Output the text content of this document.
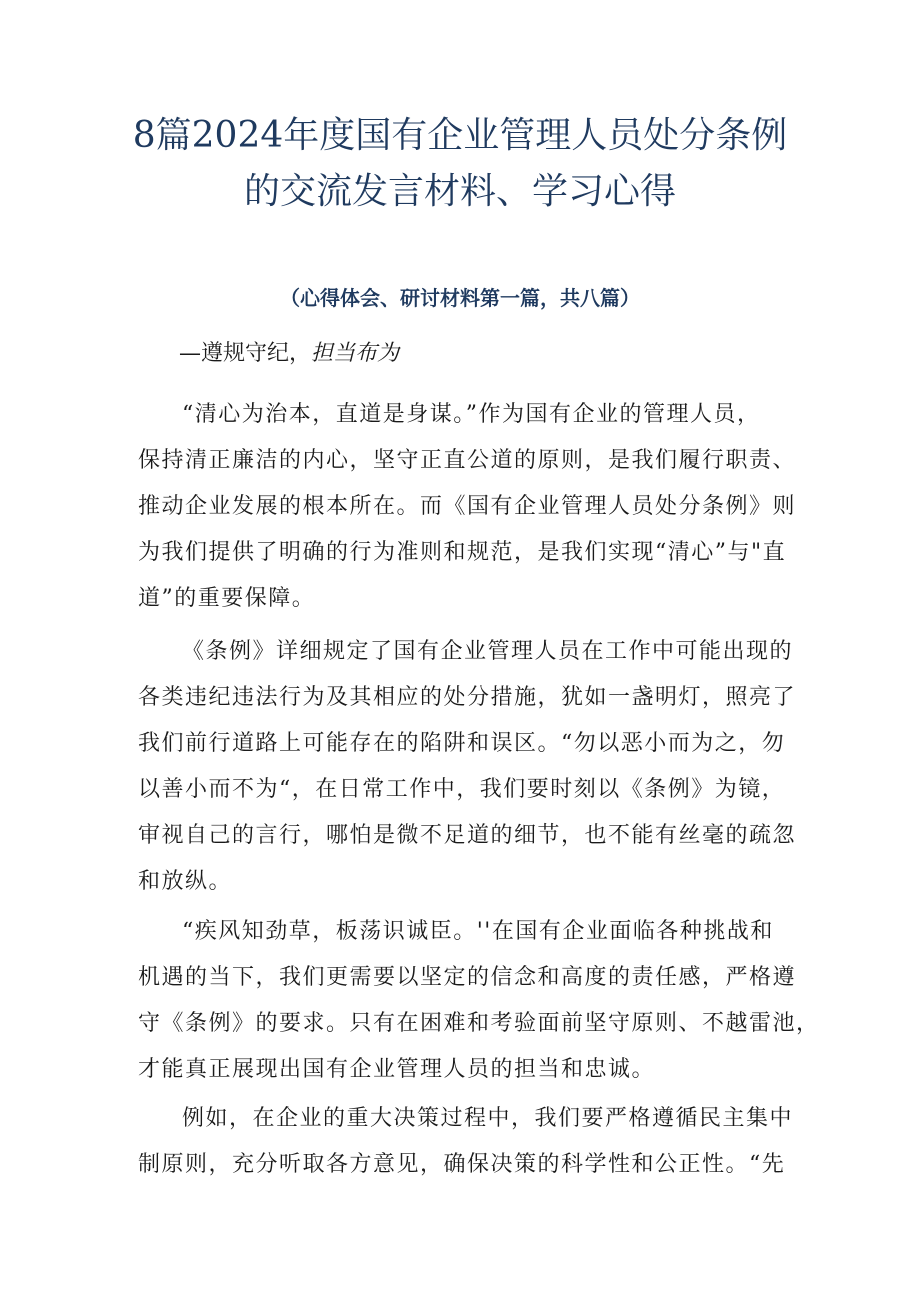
8篇2024年度国有企业管理人员处分条例
的交流发言材料、学习心得
（心得体会、研讨材料第一篇，共八篇）
—遵规守纪，担当布为
“清心为治本，直道是身谋。”作为国有企业的管理人员，
保持清正廉洁的内心，坚守正直公道的原则，是我们履行职责、
推动企业发展的根本所在。而《国有企业管理人员处分条例》则
为我们提供了明确的行为准则和规范，是我们实现“清心”与"直
道”的重要保障。
《条例》详细规定了国有企业管理人员在工作中可能出现的
各类违纪违法行为及其相应的处分措施，犹如一盏明灯，照亮了
我们前行道路上可能存在的陷阱和误区。“勿以恶小而为之，勿
以善小而不为“，在日常工作中，我们要时刻以《条例》为镜，
审视自己的言行，哪怕是微不足道的细节，也不能有丝毫的疏忽
和放纵。
“疾风知劲草，板荡识诚臣。''在国有企业面临各种挑战和
机遇的当下，我们更需要以坚定的信念和高度的责任感，严格遵
守《条例》的要求。只有在困难和考验面前坚守原则、不越雷池，
才能真正展现出国有企业管理人员的担当和忠诚。
例如，在企业的重大决策过程中，我们要严格遵循民主集中
制原则，充分听取各方意见，确保决策的科学性和公正性。“先
